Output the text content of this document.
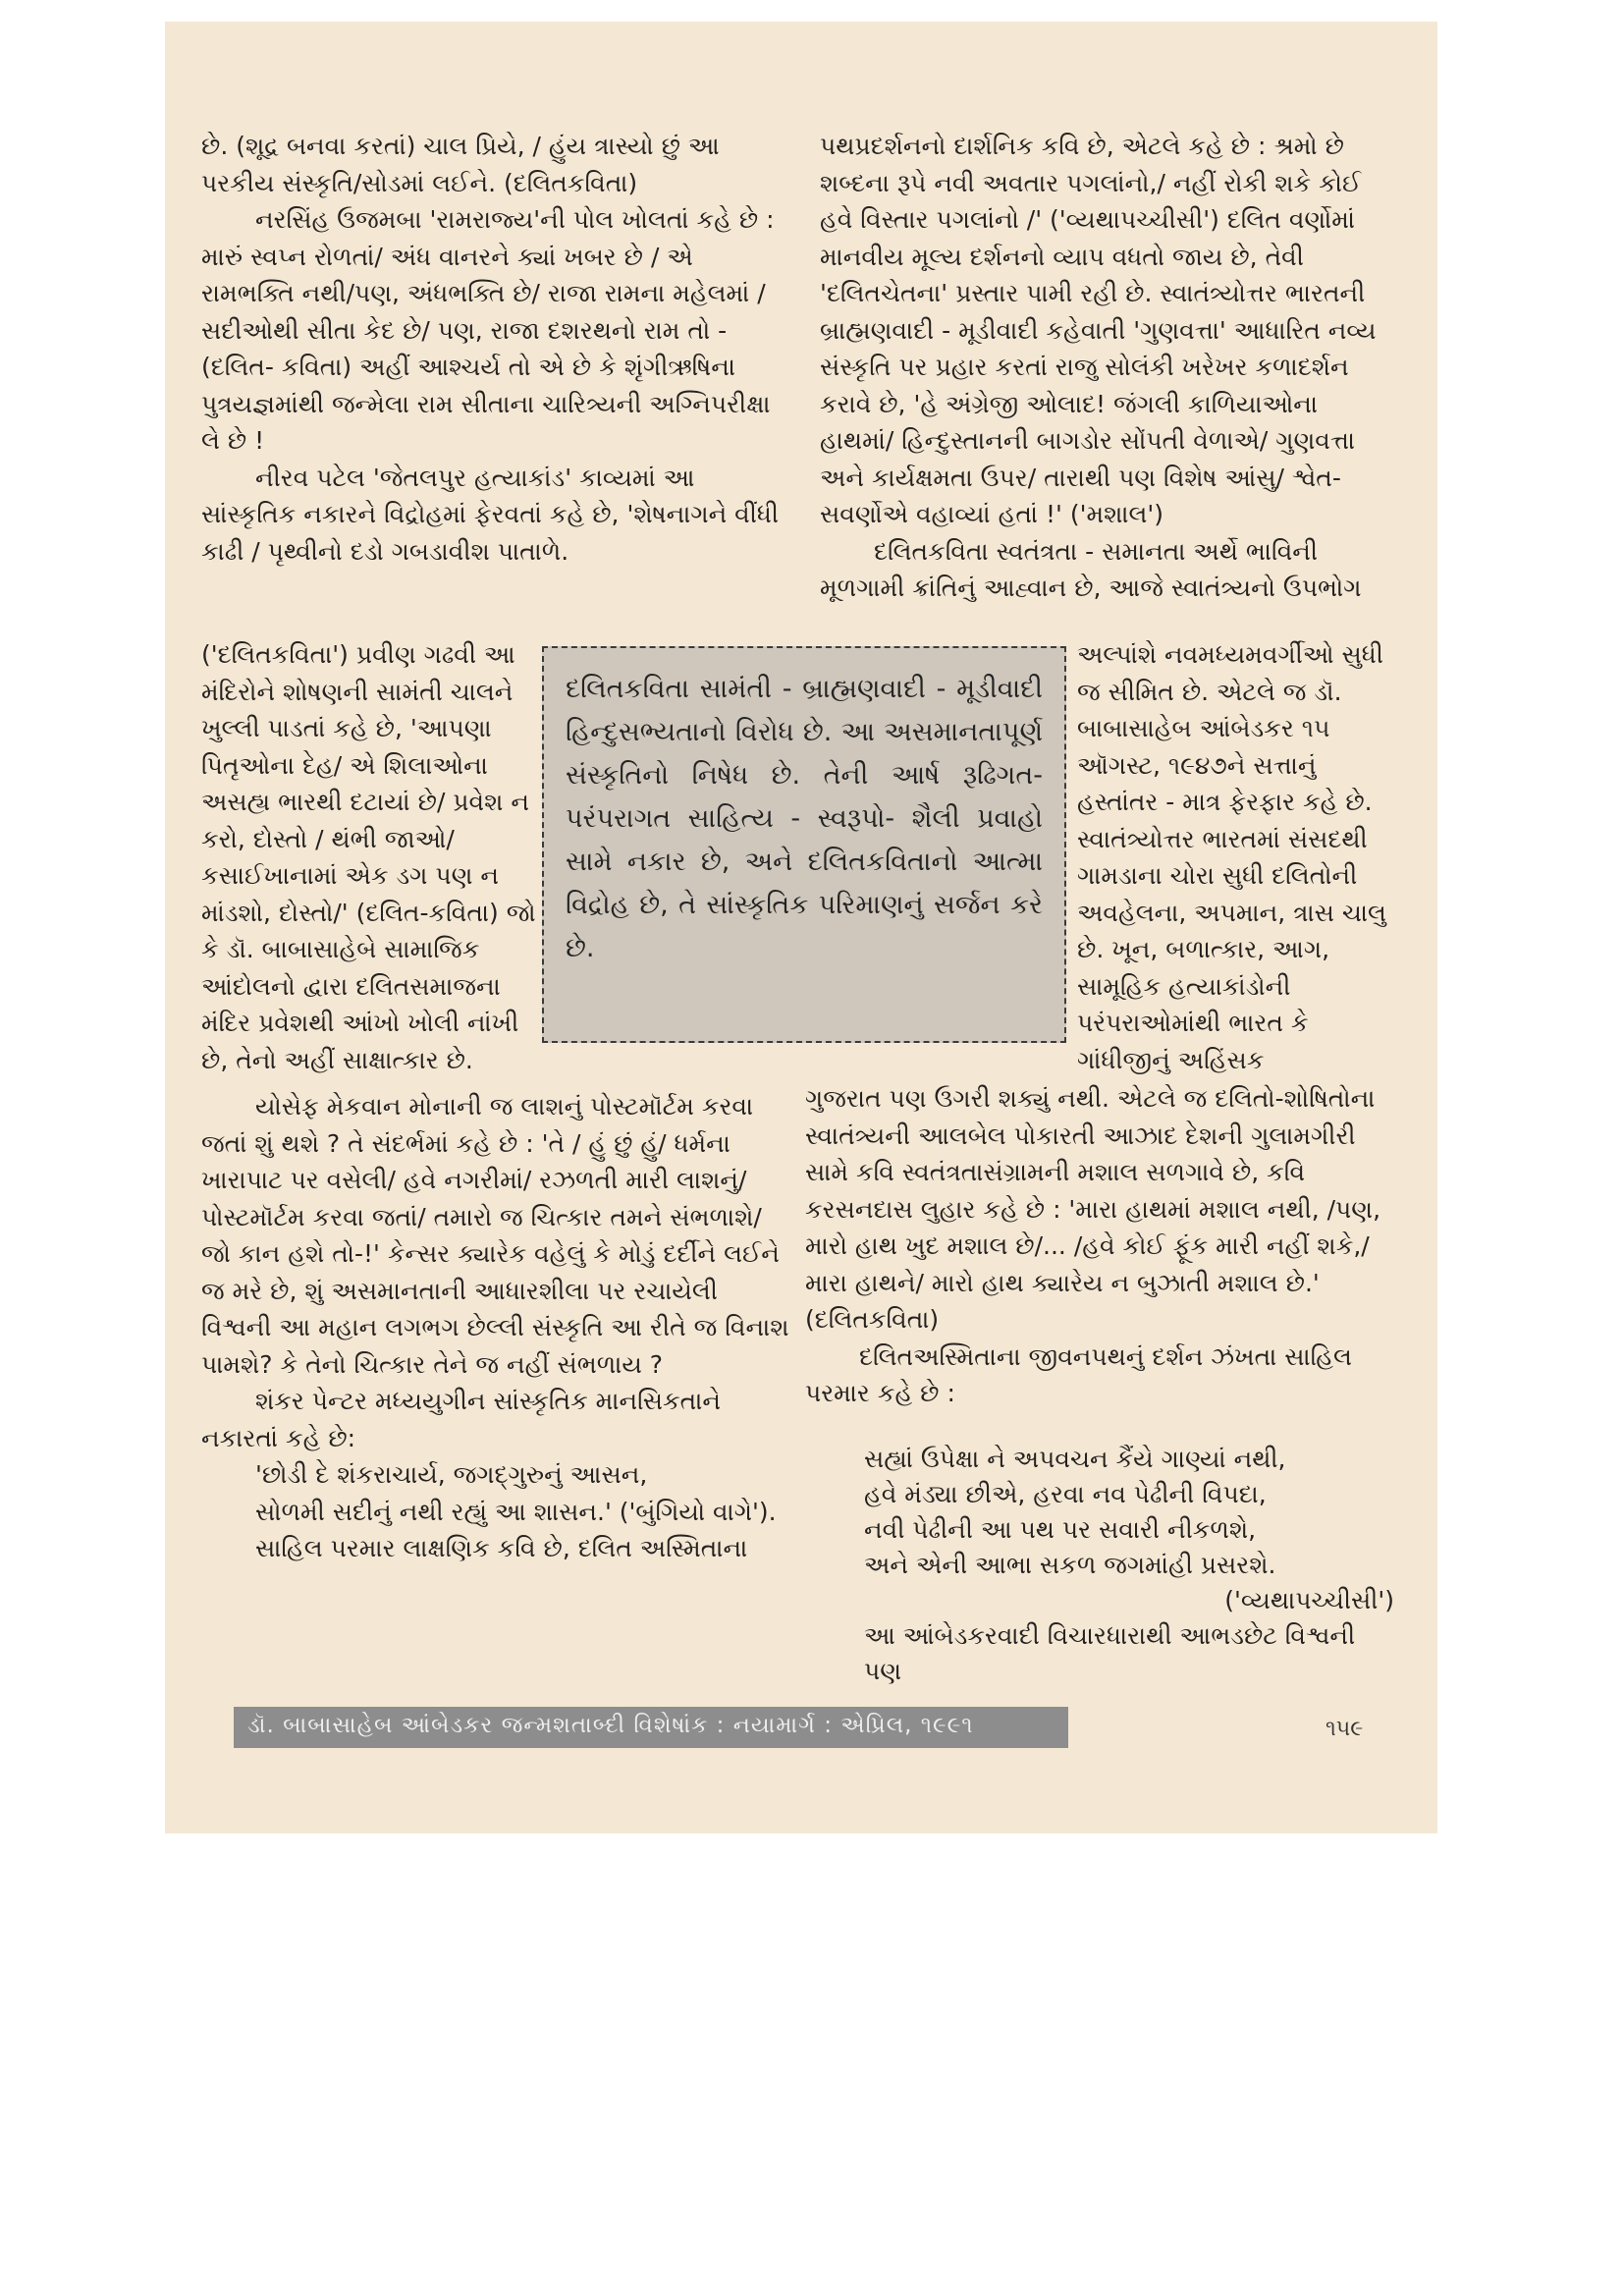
છે. (શૂદ્ર બનવા કરતાં) ચાલ પ્રિયે, / હુંય ત્રાસ્યો છું આ પરકીય સંસ્કૃતિ/સોડમાં લઈને. (દલિતકવિતા)

નરસિંહ ઉજમબા 'રામરાજ્ય'ની પોલ ખોલતાં કહે છે : મારું સ્વપ્ન રોળતાં/ અંધ વાનરને ક્યાં ખબર છે / એ રામભક્તિ નથી/પણ, અંધભક્તિ છે/ રાજા રામના મહેલમાં / સદીઓથી સીતા કેદ છે/ પણ, રાજા દશરથનો રામ તો - (દલિત- કવિતા) અહીં આશ્ચર્ય તો એ છે કે શૃંગીઋષિના પુત્રયજ્ઞમાંથી જન્મેલા રામ સીતાના ચારિત્ર્યની અગ્નિપરીક્ષા લે છે !

નીરવ પટેલ 'જેતલપુર હત્યાકાંડ' કાવ્યમાં આ સાંસ્કૃતિક નકારને વિદ્રોહમાં ફેરવતાં કહે છે, 'શેષનાગને વીંધી કાઢી / પૃથ્વીનો દડો ગબડાવીશ પાતાળે.

('દલિતકવિતા') પ્રવીણ ગઢવી આ મંદિરોને શોષણની સામંતી ચાલને ખુલ્લી પાડતાં કહે છે, 'આપણા પિતૃઓના દેહ/ એ શિલાઓના અસહ્ય ભારથી દટાયાં છે/ પ્રવેશ ન કરો, દોસ્તો / થંભી જાઓ/ કસાઈખાનામાં એક ડગ પણ ન માંડશો, દોસ્તો/' (દલિત-કવિતા) જો કે ડૉ. બાબાસાહેબે સામાજિક આંદોલનો દ્વારા દલિતસમાજના મંદિર પ્રવેશથી આંખો ખોલી નાંખી છે, તેનો અહીં સાક્ષાત્કાર છે.

દલિતકવિતા સામંતી - બ્રાહ્મણવાદી - મૂડીવાદી હિન્દુસભ્યતાનો વિરોધ છે. આ અસમાનતાપૂર્ણ સંસ્કૃતિનો નિષેધ છે. તેની આર્ષ રૂઢિગત- પરંપરાગત સાહિત્ય - સ્વરૂપો- શૈલી પ્રવાહો સામે નકાર છે, અને દલિતકવિતાનો આત્મા વિદ્રોહ છે, તે સાંસ્કૃતિક પરિમાણનું સર્જન કરે છે.

યોસેફ મેકવાન મોનાની જ લાશનું પોસ્ટમૉર્ટમ કરવા જતાં શું થશે ? તે સંદર્ભમાં કહે છે : 'તે / હું છું હું/ ધર્મના ખારાપાટ પર વસેલી/ હવે નગરીમાં/ રઝળતી મારી લાશનું/ પોસ્ટમૉર્ટમ કરવા જતાં/ તમારો જ ચિત્કાર તમને સંભળાશે/ જો કાન હશે તો-!' કેન્સર ક્યારેક વહેલું કે મોડું દર્દીને લઈને જ મરે છે, શું અસમાનતાની આધારશીલા પર રચાયેલી વિશ્વની આ મહાન લગભગ છેલ્લી સંસ્કૃતિ આ રીતે જ વિનાશ પામશે? કે તેનો ચિત્કાર તેને જ નહીં સંભળાય ?

શંકર પેન્ટર મધ્યયુગીન સાંસ્કૃતિક માનસિકતાને નકારતાં કહે છે:

'છોડી દે શંકરાચાર્ય, જગદ્ગુરુનું આસન,

સોળમી સદીનું નથી રહ્યું આ શાસન.' ('બુંગિયો વાગે').

સાહિલ પરમાર લાક્ષણિક કવિ છે, દલિત અસ્મિતાના

પથપ્રદર્શનનો દાર્શનિક કવિ છે, એટલે કહે છે : શ્રમો છે શબ્દના રૂપે નવી અવતાર પગલાંનો,/ નહીં રોકી શકે કોઈ હવે વિસ્તાર પગલાંનો /' ('વ્યથાપચ્ચીસી') દલિત વર્ણોમાં માનવીય મૂલ્ય દર્શનનો વ્યાપ વધતો જાય છે, તેવી 'દલિતચેતના' પ્રસ્તાર પામી રહી છે. સ્વાતંત્ર્યોત્તર ભારતની બ્રાહ્મણવાદી - મૂડીવાદી કહેવાતી 'ગુણવત્તા' આધારિત નવ્ય સંસ્કૃતિ પર પ્રહાર કરતાં રાજુ સોલંકી ખરેખર કળાદર્શન કરાવે છે, 'હે અંગ્રેજી ઓલાદ! જંગલી કાળિયાઓના હાથમાં/ હિન્દુસ્તાનની બાગડોર સોંપતી વેળાએ/ ગુણવત્તા અને કાર્યક્ષમતા ઉપર/ તારાથી પણ વિશેષ આંસુ/ શ્વેત-સવર્ણોએ વહાવ્યાં હતાં !' ('મશાલ')

દલિતકવિતા સ્વતંત્રતા - સમાનતા અર્થે ભાવિની મૂળગામી ક્રાંતિનું આહ્વાન છે, આજે સ્વાતંત્ર્યનો ઉપભોગ

અલ્પાંશે નવમધ્યમવર્ગીઓ સુધી જ સીમિત છે. એટલે જ ડૉ. બાબાસાહેબ આંબેડકર ૧૫ ઑગસ્ટ, ૧૯૪૭ને સત્તાનું હસ્તાંતર - માત્ર ફેરફાર કહે છે. સ્વાતંત્ર્યોત્તર ભારતમાં સંસદથી ગામડાના ચોરા સુધી દલિતોની અવહેલના, અપમાન, ત્રાસ ચાલુ છે. ખૂન, બળાત્કાર, આગ, સામૂહિક હત્યાકાંડોની પરંપરાઓમાંથી ભારત કે ગાંધીજીનું અહિંસક

ગુજરાત પણ ઉગરી શક્યું નથી. એટલે જ દલિતો-શોષિતોના સ્વાતંત્ર્યની આલબેલ પોકારતી આઝાદ દેશની ગુલામગીરી સામે કવિ સ્વતંત્રતાસંગ્રામની મશાલ સળગાવે છે, કવિ કરસનદાસ લુહાર કહે છે : 'મારા હાથમાં મશાલ નથી, /પણ, મારો હાથ ખુદ મશાલ છે/... /હવે કોઈ ફૂંક મારી નહીં શકે,/ મારા હાથને/ મારો હાથ ક્યારેય ન બુઝાતી મશાલ છે.' (દલિતકવિતા)

દલિતઅસ્મિતાના જીવનપથનું દર્શન ઝંખતા સાહિલ પરમાર કહે છે :

સહ્યાં ઉપેક્ષા ને અપવચન કૈંયે ગાણ્યાં નથી,

હવે મંડ્યા છીએ, હરવા નવ પેઢીની વિપદા,

નવી પેઢીની આ પથ પર સવારી નીકળશે,

અને એની આભા સકળ જગમાંહી પ્રસરશે.

('વ્યથાપચ્ચીસી')

આ આંબેડકરવાદી વિચારધારાથી આભડછેટ વિશ્વની પણ

ડૉ. બાબાસાહેબ આંબેડકર જન્મશતાબ્દી વિશેષાંક : નયામાર્ગ : એપ્રિલ, ૧૯૯૧	૧૫૯
